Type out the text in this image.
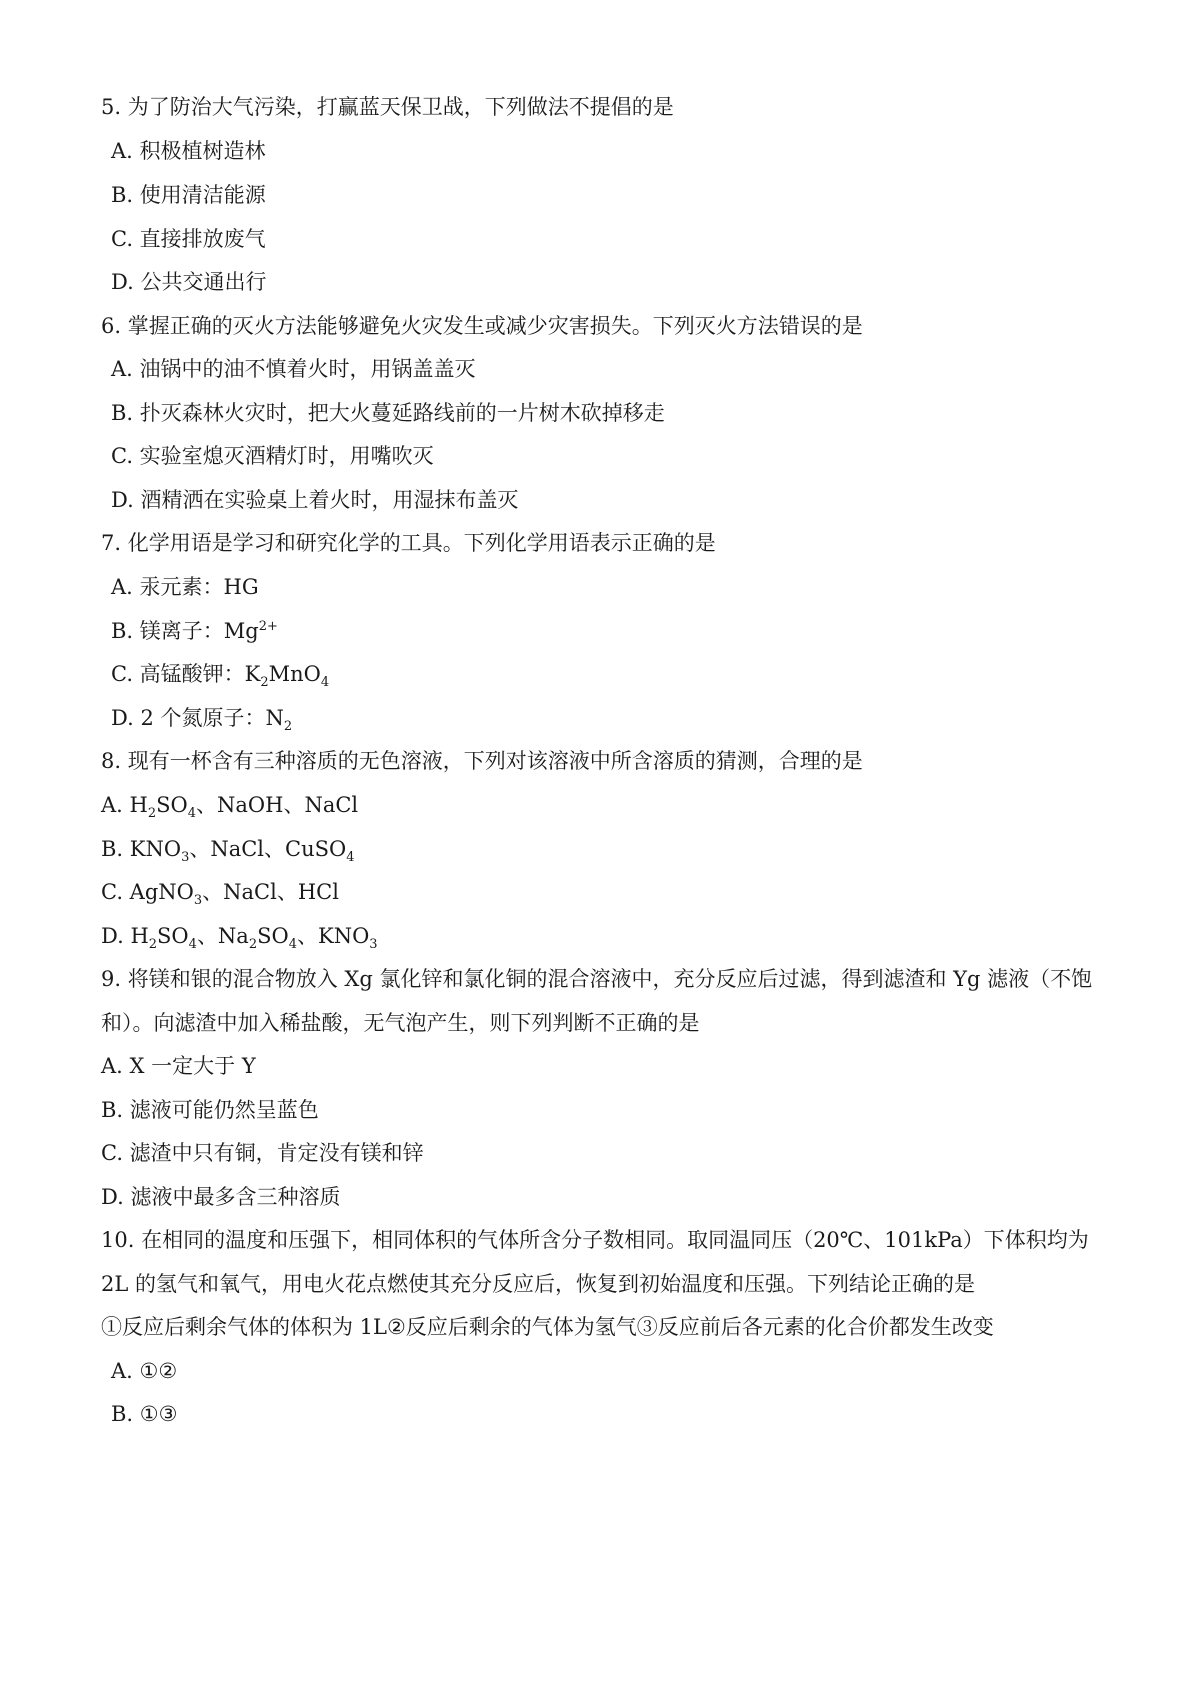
5. 为了防治大气污染，打赢蓝天保卫战，下列做法不提倡的是
A. 积极植树造林
B. 使用清洁能源
C. 直接排放废气
D. 公共交通出行
6. 掌握正确的灭火方法能够避免火灾发生或减少灾害损失。下列灭火方法错误的是
A. 油锅中的油不慎着火时，用锅盖盖灭
B. 扑灭森林火灾时，把大火蔓延路线前的一片树木砍掉移走
C. 实验室熄灭酒精灯时，用嘴吹灭
D. 酒精洒在实验桌上着火时，用湿抹布盖灭
7. 化学用语是学习和研究化学的工具。下列化学用语表示正确的是
A. 汞元素：HG
B. 镁离子：$Mg^{2+}$
C. 高锰酸钾：$K_2MnO_4$
D. 2 个氮原子：$N_2$
8. 现有一杯含有三种溶质的无色溶液，下列对该溶液中所含溶质的猜测，合理的是
A. $H_2SO_4$、NaOH、NaCl
B. $KNO_3$、NaCl、CuSO$_4$
C. AgNO$_3$、NaCl、HCl
D. $H_2SO_4$、$Na_2SO_4$、$KNO_3$
9. 将镁和银的混合物放入 Xg 氯化锌和氯化铜的混合溶液中，充分反应后过滤，得到滤渣和 Yg 滤液（不饱
和）。向滤渣中加入稀盐酸，无气泡产生，则下列判断不正确的是
A. X 一定大于 Y
B. 滤液可能仍然呈蓝色
C. 滤渣中只有铜，肯定没有镁和锌
D. 滤液中最多含三种溶质
10. 在相同的温度和压强下，相同体积的气体所含分子数相同。取同温同压（20℃、101kPa）下体积均为
2L 的氢气和氧气，用电火花点燃使其充分反应后，恢复到初始温度和压强。下列结论正确的是
①反应后剩余气体的体积为 1L②反应后剩余的气体为氢气③反应前后各元素的化合价都发生改变
A. ①②
B. ①③
